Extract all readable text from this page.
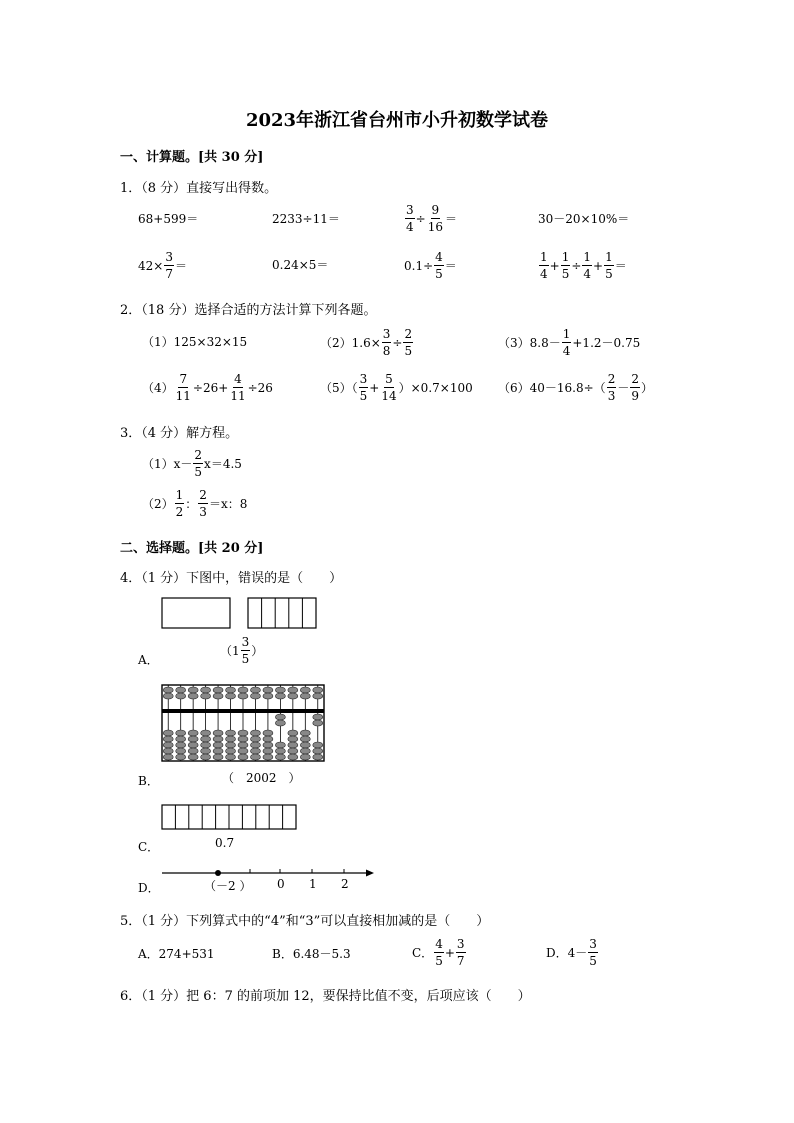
2023年浙江省台州市小升初数学试卷
一、计算题。[共 30 分]
1．（8 分）直接写出得数。
68+599＝	2233÷11＝	$\frac{3}{4} \div \frac{9}{16}$ ＝	30－20×10%＝
$42\times \frac{3}{7}$ ＝	0.24×5＝	$0.1\div \frac{4}{5}$ ＝	$\frac{1}{4} + \frac{1}{5} \div \frac{1}{4} + \frac{1}{5}$ ＝
2．（18 分）选择合适的方法计算下列各题。
（1）125×32×15	$(2)1.6\times \frac{3}{8} \div \frac{2}{5}$	$(3)8.8- \frac{1}{4} +1.2-0.75$
$(4) \frac{7}{11} \div 26+ \frac{4}{11} \div 26$	$(5)( \frac{3}{5} + \frac{5}{14} )\times 0.7\times 100$ $(6)40-16.8\div( \frac{2}{3} - \frac{2}{9}$ ）
3．（4 分）解方程。
$(1)x- \frac{2}{5} x=4.5$
$(2) \frac{1}{2}$ ： $\frac{2}{3} =x$：8
二、选择题。[共 20 分]
4．（1 分）下图中，错误的是（　　）
（ $1 \frac{3}{5}$ ）
A．
（　2002　）
B．
0.7
C．
（－2 ） 0 1 2
D．
5．（1 分）下列算式中的“4”和“3”可以直接相加减的是（　　）
A．274+531	B．6.48－5.3	C． $\frac{4}{5} + \frac{3}{7}$	D．$4- \frac{3}{5}$
6．（1 分）把 6：7 的前项加 12，要保持比值不变，后项应该（　　）
